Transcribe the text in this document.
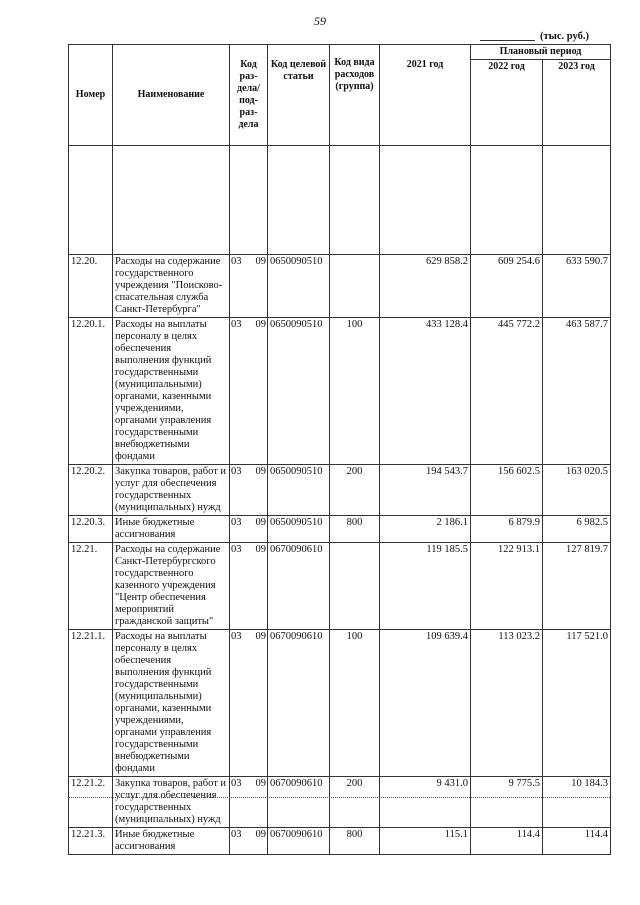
59
(тыс. руб.)
Номер	Наименование	Код раз-дела/ под-раз-дела	Код целевой статьи	Код вида расходов (группа)	2021 год	Плановый период	
						2022 год	2023 год

12.20.	Расходы на содержание государственного учреждения "Поисково-спасательная служба Санкт-Петербурга"	03 09	0650090510		629 858.2	609 254.6	633 590.7
12.20.1.	Расходы на выплаты персоналу в целях обеспечения выполнения функций государственными (муниципальными) органами, казенными учреждениями, органами управления государственными внебюджетными фондами	03 09	0650090510	100	433 128.4	445 772.2	463 587.7
12.20.2.	Закупка товаров, работ и услуг для обеспечения государственных (муниципальных) нужд	03 09	0650090510	200	194 543.7	156 602.5	163 020.5
12.20.3.	Иные бюджетные ассигнования	03 09	0650090510	800	2 186.1	6 879.9	6 982.5
12.21.	Расходы на содержание Санкт-Петербургского государственного казенного учреждения "Центр обеспечения мероприятий гражданской защиты"	03 09	0670090610		119 185.5	122 913.1	127 819.7
12.21.1.	Расходы на выплаты персоналу в целях обеспечения выполнения функций государственными (муниципальными) органами, казенными учреждениями, органами управления государственными внебюджетными фондами	03 09	0670090610	100	109 639.4	113 023.2	117 521.0
12.21.2.	Закупка товаров, работ и услуг для обеспечения государственных (муниципальных) нужд	03 09	0670090610	200	9 431.0	9 775.5	10 184.3
12.21.3.	Иные бюджетные ассигнования	03 09	0670090610	800	115.1	114.4	114.4
